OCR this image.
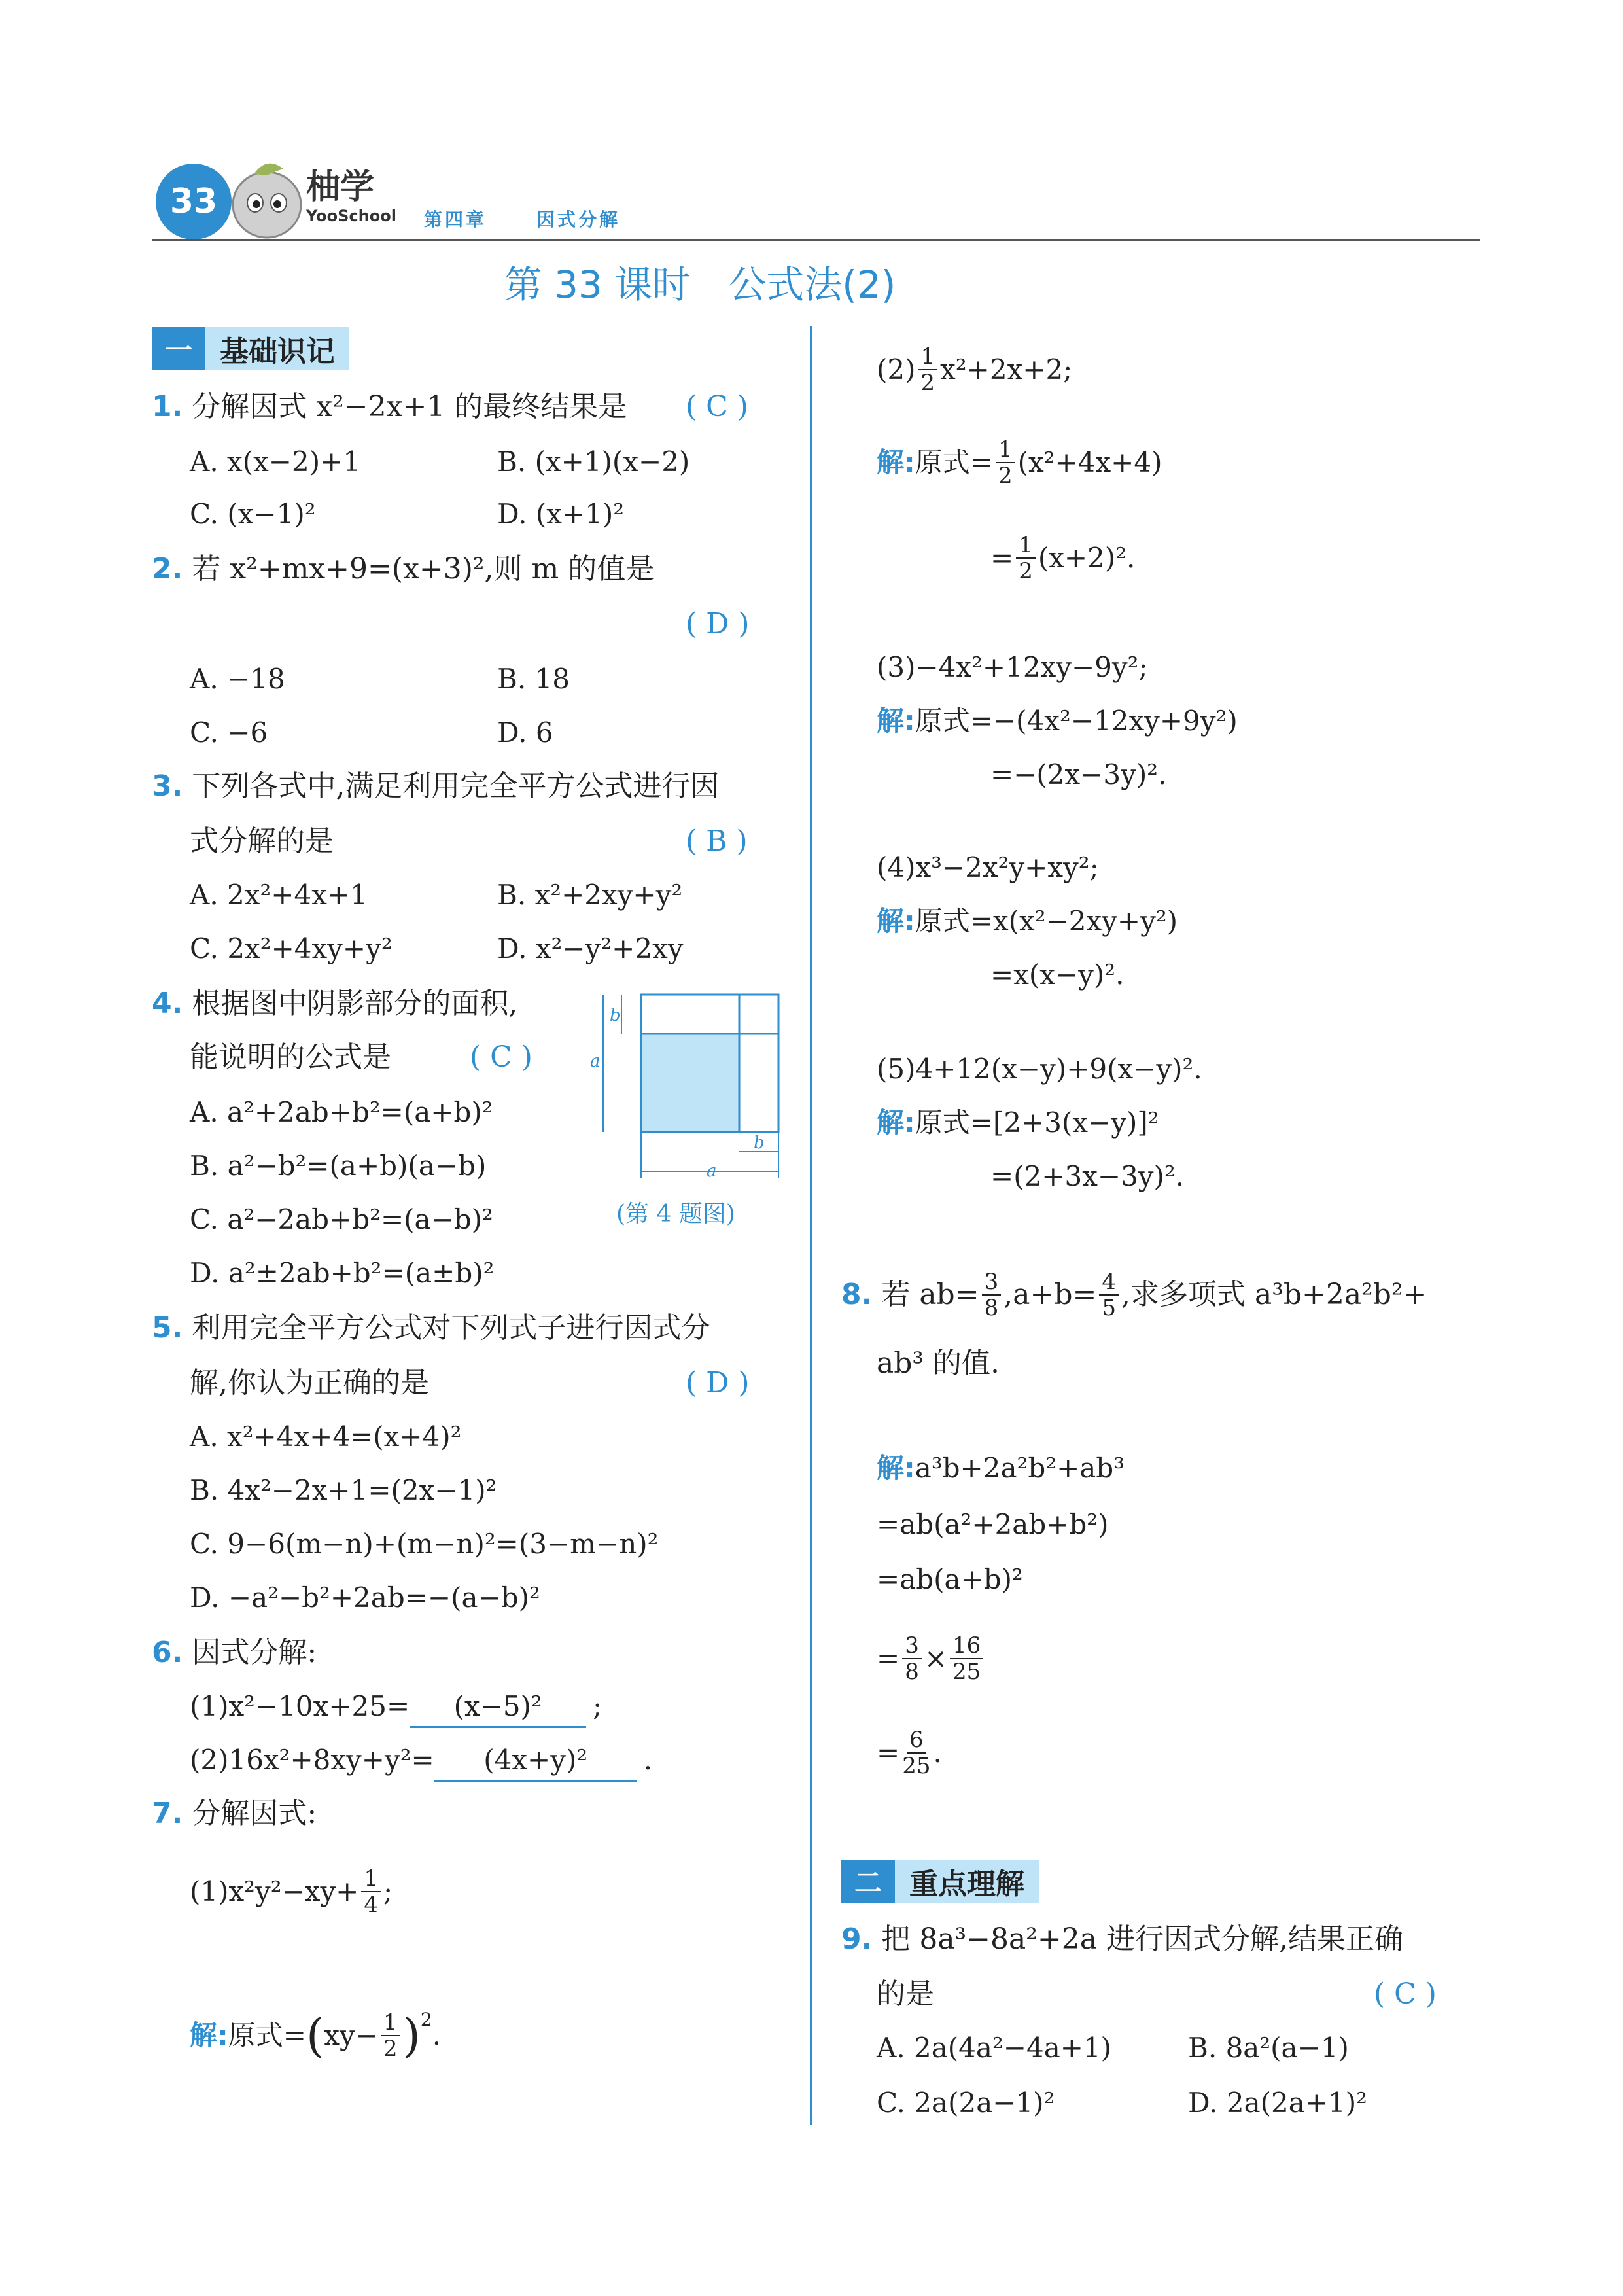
33	柚学
YooSchool 第四章	因式分解
第 33 课时　公式法(2)
一 基础识记
1. 分解因式 x²−2x+1 的最终结果是 ( C )
A. x(x−2)+1	B. (x+1)(x−2)
C. (x−1)²	D. (x+1)²
2. 若 x²+mx+9=(x+3)²,则 m 的值是
( D )
A. −18	B. 18
C. −6	D. 6
3. 下列各式中,满足利用完全平方公式进行因
式分解的是	( B )
A. 2x²+4x+1	B. x²+2xy+y²
C. 2x²+4xy+y²	D. x²−y²+2xy
4. 根据图中阴影部分的面积,
能说明的公式是	( C )
A. a²+2ab+b²=(a+b)²
B. a²−b²=(a+b)(a−b)
C. a²−2ab+b²=(a−b)²
D. a²±2ab+b²=(a±b)²
b
a
a
b
(第 4 题图)
5. 利用完全平方公式对下列式子进行因式分
解,你认为正确的是	( D )
A. x²+4x+4=(x+4)²
B. 4x²−2x+1=(2x−1)²
C. 9−6(m−n)+(m−n)²=(3−m−n)²
D. −a²−b²+2ab=−(a−b)²
6. 因式分解:
(1)x²−10x+25= (x−5)² ;
(2)16x²+8xy+y²= (4x+y)² .
7. 分解因式:
$(1)x^2y^2-xy+ \frac{1}{4}$ ;
解: 原式= ( $xy- \frac{1}{2}$ ) 2 .
(2) 1
2 x²+2x+2;
解: 原式= $\frac{1}{2} (x^2+4x+4)$
= $\frac{1}{2} (x+2)^2$.
(3)−4x²+12xy−9y²;
解:原式=−(4x²−12xy+9y²)
=−(2x−3y)².
(4)x³−2x²y+xy²;
解:原式=x(x²−2xy+y²)
=x(x−y)².
(5)4+12(x−y)+9(x−y)².
解:原式=[2+3(x−y)]²
=(2+3x−3y)².
8.
若 $ab= \frac{3}{8} ,a+b= \frac{4}{5}$ ,求多项式 a³b+2a²b²+
ab³ 的值.
解:a³b+2a²b²+ab³
=ab(a²+2ab+b²)
=ab(a+b)²
= $\frac{3}{8} \times \frac{16}{25}$
= $\frac{6}{25}$ .
二 重点理解
9. 把 8a³−8a²+2a 进行因式分解,结果正确
的是	( C )
A. 2a(4a²−4a+1)	B. 8a²(a−1)
C. 2a(2a−1)²	D. 2a(2a+1)²
